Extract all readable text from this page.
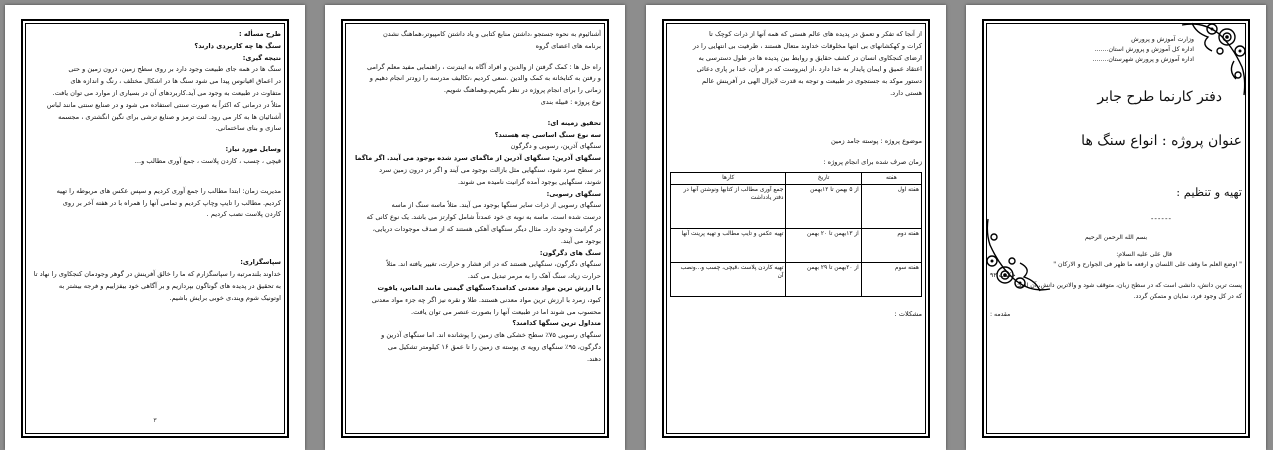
طرح مسأله :
سنگ ها چه کاربردی دارند؟
نتیجه گیری:
سنگ ها در همه جای طبیعت وجود دارد بر روی سطح زمین، درون زمین و حتی
در اعماق اقیانوس پیدا می شود سنگ ها در اشکال مختلف ، رنگ و اندازه های
متفاوت در طبیعت به وجود می آید.کاربردهای آن در بسیاری از موارد می توان یافت.
مثلاً در درمانی که اکثراً به صورت سنتی استفاده می شود و در صنایع سنتی مانند لباس
آشنائیان ها به کار می رود. لنت ترمز و صنایع ترشی برای نگین انگشتری ، مجسمه
سازی و بنای ساختمانی.
وسایل مورد نیاز:
قیچی ، چسب ، کاردن پلاست ، جمع آوری مطالب و...
مدیریت زمان: ابتدا مطالب را جمع آوری کردیم و سپس عکس های مربوطه را تهیه
کردیم. مطالب را تایپ وچاپ کردیم و تمامی آنها را همراه با در هفته آخر بر روی
کاردن پلاست نصب کردیم .
سپاسگزاری:
خداوند بلندمرتبه را سپاسگزارم که ما را خالق آفرینش در گوهر وجودمان کنجکاوی را نهاد تا
به تحقیق در پدیده های گوناگون بپردازیم و بر آگاهی خود بیفزاییم و فرجه بیشتر به
اوتونیک شوم ویند،ی خوبی برایش باشیم.
٣
آشنائیوم به نحوه جستجو ،داشتن منابع کتابی و یاد داشتن کامپیوتر،هماهنگ نشدن
برنامه های اعضای گروه
راه حل ها : کمک گرفتن از والدین و افراد آگاه به اینترنت ، راهنمایی مفید معلم گرامی
و رفتن به کتابخانه به کمک والدین .سعی کردیم ،تکالیف مدرسه را زودتر انجام دهیم و
زمانی را برای انجام پروژه در نظر بگیریم.وهماهنگ شویم.
نوع پروژه : قبیله بندی
تحقیق زمینه ای:
سه نوع سنگ اساسی چه هستند؟
سنگهای آذرین، رسوبی و دگرگون
سنگهای آذرین: سنگهای آذرین از ماگمای سرد شده بوجود می آیند. اگر ماگما
در سطح سرد شود، سنگهایی مثل بازالت بوجود می آیند و اگر در درون زمین سرد
شوند، سنگهایی بوجود آمده گرانیت نامیده می شوند.
سنگهای رسوبی:
سنگهای رسوبی از ذرات سایر سنگها بوجود می آیند. مثلاً ماسه سنگ از ماسه
درست شده است. ماسه به نوبه ی خود عمدتاً شامل کوارتز می باشد. یک نوع کانی که
در گرانیت وجود دارد. مثال دیگر سنگهای آهکی هستند که از صدف موجودات دریایی،
بوجود می آیند.
سنگ های دگرگون:
سنگهای دگرگون، سنگهایی هستند که در اثر فشار و حرارت، تغییر یافته اند. مثلاً
حرارت زیاد، سنگ آهک را به مرمر تبدیل می کند.
با ارزش ترین مواد معدنی کدامند؟سنگهای گیمتی مانند الماس، یاقوت
کبود، زمرد با ارزش ترین مواد معدنی هستند. طلا و نقره نیز اگر چه جزء مواد معدنی
محسوب می شوند اما در طبیعت آنها را بصورت عنصر می توان یافت.
متداول ترین سنگها کدامند؟
سنگهای رسوبی ۷۵٪ سطح خشکی های زمین را پوشانده اند. اما سنگهای آذرین و
دگرگون، ۹۵٪ سنگهای رویه ی پوسته ی زمین را تا عمق ۱۶ کیلومتر تشکیل می
دهند.
از آنجا که تفکر و تعمق در پدیده های عالم هستی که همه آنها از ذرات کوچک تا
کرات و کهکشانهای بی انتها مخلوقات خداوند متعال هستند ، ظرفیت بی انتهایی را در
ارضای کنجکاوی انسان در کشف حقایق و روابط بین پدیده ها در طول دسترسی به
اعتقاد عمیق و ایمان پایدار به خدا دارد ،از اینروست که در قرآن، خدا بر پاری دعائی
دستور موکد به جستجوی در طبیعت و توجه به قدرت لایزال الهی در آفرینش عالم
هستی دارد.
موضوع پروژه : پوسته جامد زمین
زمان صرف شده برای انجام پروژه :
هفته	تاریخ	کارها
هفته اول	از ۵ بهمن تا ۱۲بهمن	جمع آوری مطالب از کتابها ونوشتن آنها در دفتر یادداشت
هفته دوم	از ۱۳بهمن تا ۲۰ بهمن	تهیه عکس و تایپ مطالب و تهیه پرینت آنها
هفته سوم	از ۲۰بهمن تا ۲۹ بهمن	تهیه کاردن پلاست ،قیچی، چسب و...ونصب آن
مشکلات :
وزارت آموزش و پرورش
اداره کل آموزش و پرورش استان.......
اداره آموزش و پرورش شهرستان........
دفتر کارنما طرح جابر
عنوان پروژه : انواع سنگ ها
تهیه و تنظیم :
------
بسم الله الرحمن الرحیم
قال علی علیه السلام:
" اوضع العلم ما وقف علی اللسان و ارفعه ما ظهر فی الجوارح و الارکان "
حکمت ۹۲
پست ترین دانش، دانشی است که در سطح زبان، متوقف شود و والاترین دانش، آن است
که در کل وجود فرد، نمایان و متمکن گردد.
مقدمه :
